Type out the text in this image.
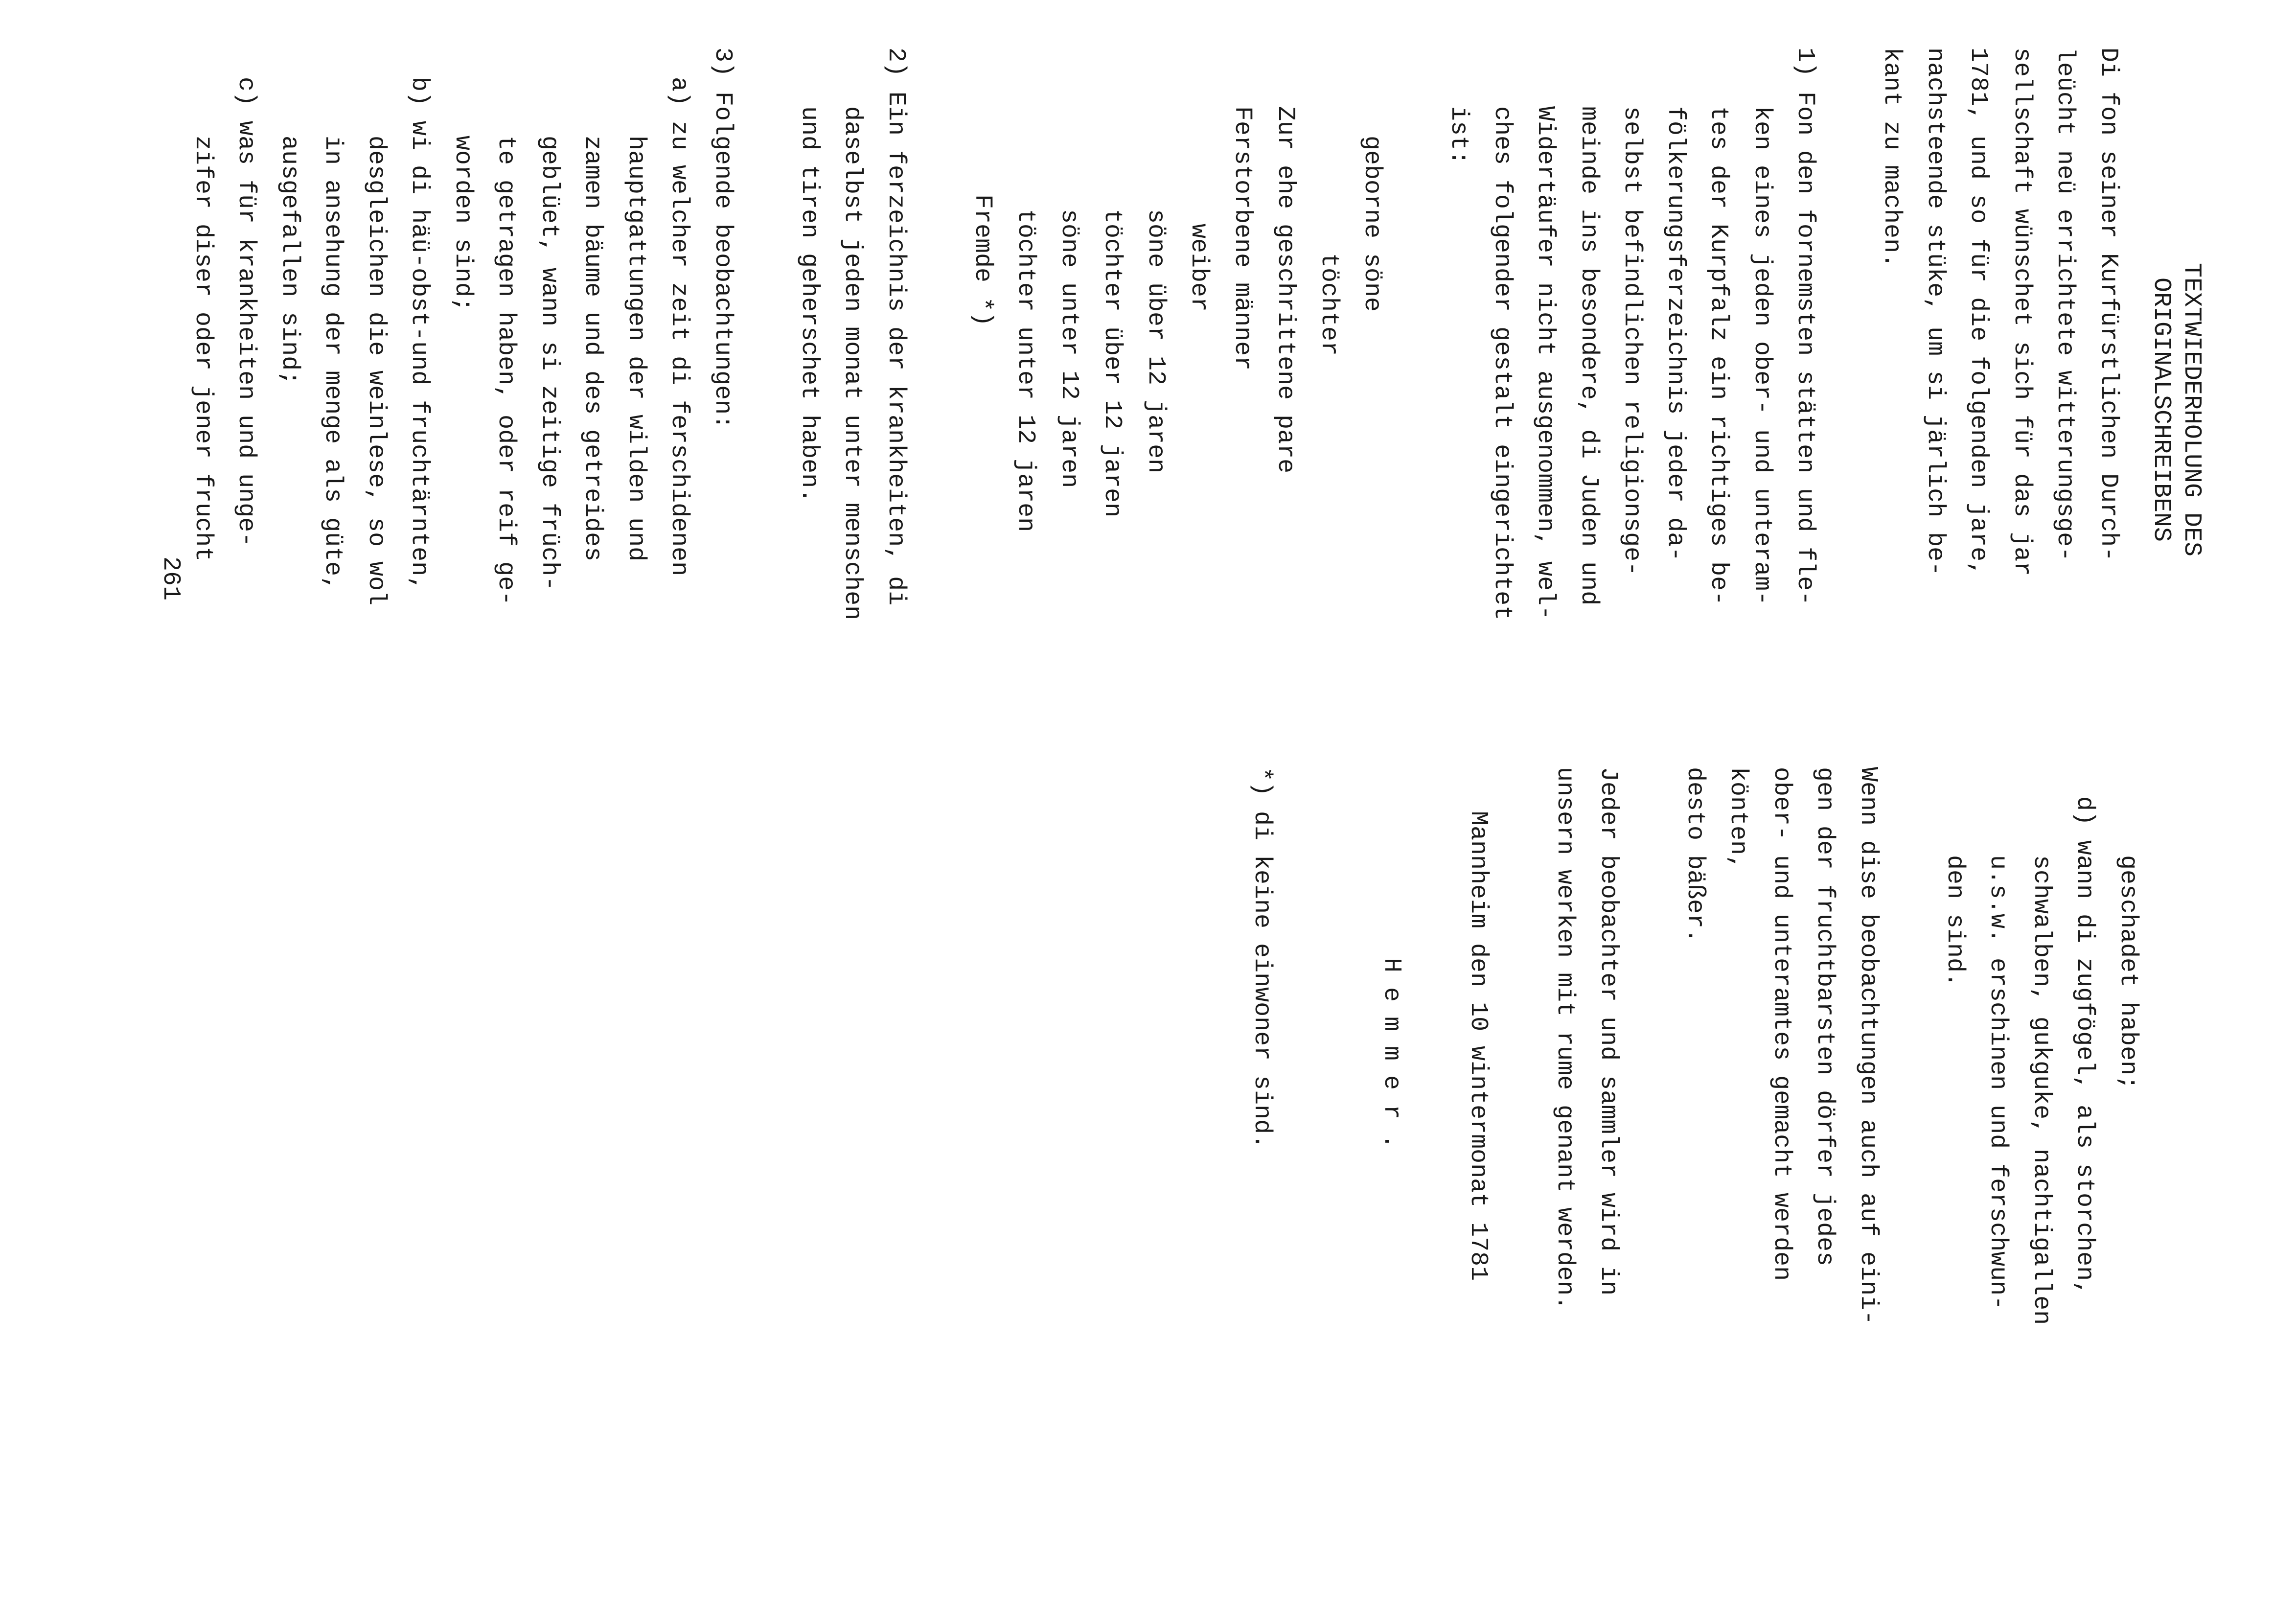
TEXTWIEDERHOLUNG DES
ORIGINALSCHREIBENS
Di fon seiner Kurfürstlichen Durch-
leücht neü errichtete witterungsge-
sellschaft wünschet sich für das jar
1781, und so für die folgenden jare,
nachsteende stüke, um si järlich be-
kant zu machen.
1) Fon den fornemsten stätten und fle-
ken eines jeden ober- und unteram-
tes der Kurpfalz ein richtiges be-
fölkerungsferzeichnis jeder da-
selbst befindlichen religionsge-
meinde ins besondere, di Juden und
Widertäufer nicht ausgenommen, wel-
ches folgender gestalt eingerichtet
ist:
geborne söne
töchter
Zur ehe geschrittene pare
Ferstorbene männer
weiber
söne über 12 jaren
töchter über 12 jaren
söne unter 12 jaren
töchter unter 12 jaren
Fremde *)
2) Ein ferzeichnis der krankheiten, di
daselbst jeden monat unter menschen
und tiren geherschet haben.
3) Folgende beobachtungen:
a) zu welcher zeit di ferschidenen
hauptgattungen der wilden und
zamen bäume und des getreides
geblüet, wann si zeitige früch-
te getragen haben, oder reif ge-
worden sind;
b) wi di häü-obst-und fruchtärnten,
desgleichen die weinlese, so wol
in ansehung der menge als güte,
ausgefallen sind;
c) was für krankheiten und unge-
zifer diser oder jener frucht
geschadet haben;
d) wann di zugfögel, als storchen,
schwalben, gukguke, nachtigallen
u.s.w. erschinen und ferschwun-
den sind.
Wenn dise beobachtungen auch auf eini-
gen der fruchtbarsten dörfer jedes
ober- und unteramtes gemacht werden
könten,
desto bäßer.
Jeder beobachter und sammler wird in
unsern werken mit rume genant werden.
Mannheim den 10 wintermonat 1781
H e m m e r .
*) di keine einwoner sind.
261
